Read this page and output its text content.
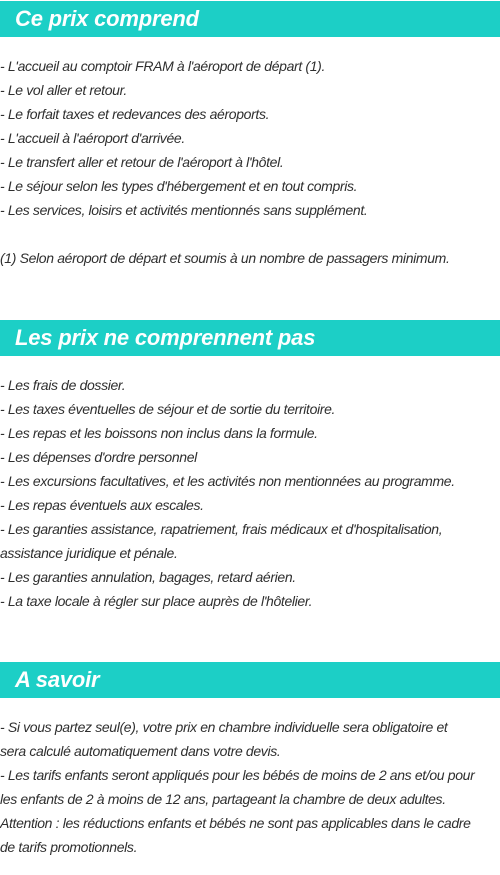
Ce prix comprend
- L'accueil au comptoir FRAM à l'aéroport de départ (1).
- Le vol aller et retour.
- Le forfait taxes et redevances des aéroports.
- L'accueil à l'aéroport d'arrivée.
- Le transfert aller et retour de l'aéroport à l'hôtel.
- Le séjour selon les types d'hébergement et en tout compris.
- Les services, loisirs et activités mentionnés sans supplément.
(1) Selon aéroport de départ et soumis à un nombre de passagers minimum.
Les prix ne comprennent pas
- Les frais de dossier.
- Les taxes éventuelles de séjour et de sortie du territoire.
- Les repas et les boissons non inclus dans la formule.
- Les dépenses d'ordre personnel
- Les excursions facultatives, et les activités non mentionnées au programme.
- Les repas éventuels aux escales.
- Les garanties assistance, rapatriement, frais médicaux et d'hospitalisation,
assistance juridique et pénale.
- Les garanties annulation, bagages, retard aérien.
- La taxe locale à régler sur place auprès de l'hôtelier.
A savoir
- Si vous partez seul(e), votre prix en chambre individuelle sera obligatoire et
sera calculé automatiquement dans votre devis.
- Les tarifs enfants seront appliqués pour les bébés de moins de 2 ans et/ou pour
les enfants de 2 à moins de 12 ans, partageant la chambre de deux adultes.
Attention : les réductions enfants et bébés ne sont pas applicables dans le cadre
de tarifs promotionnels.
